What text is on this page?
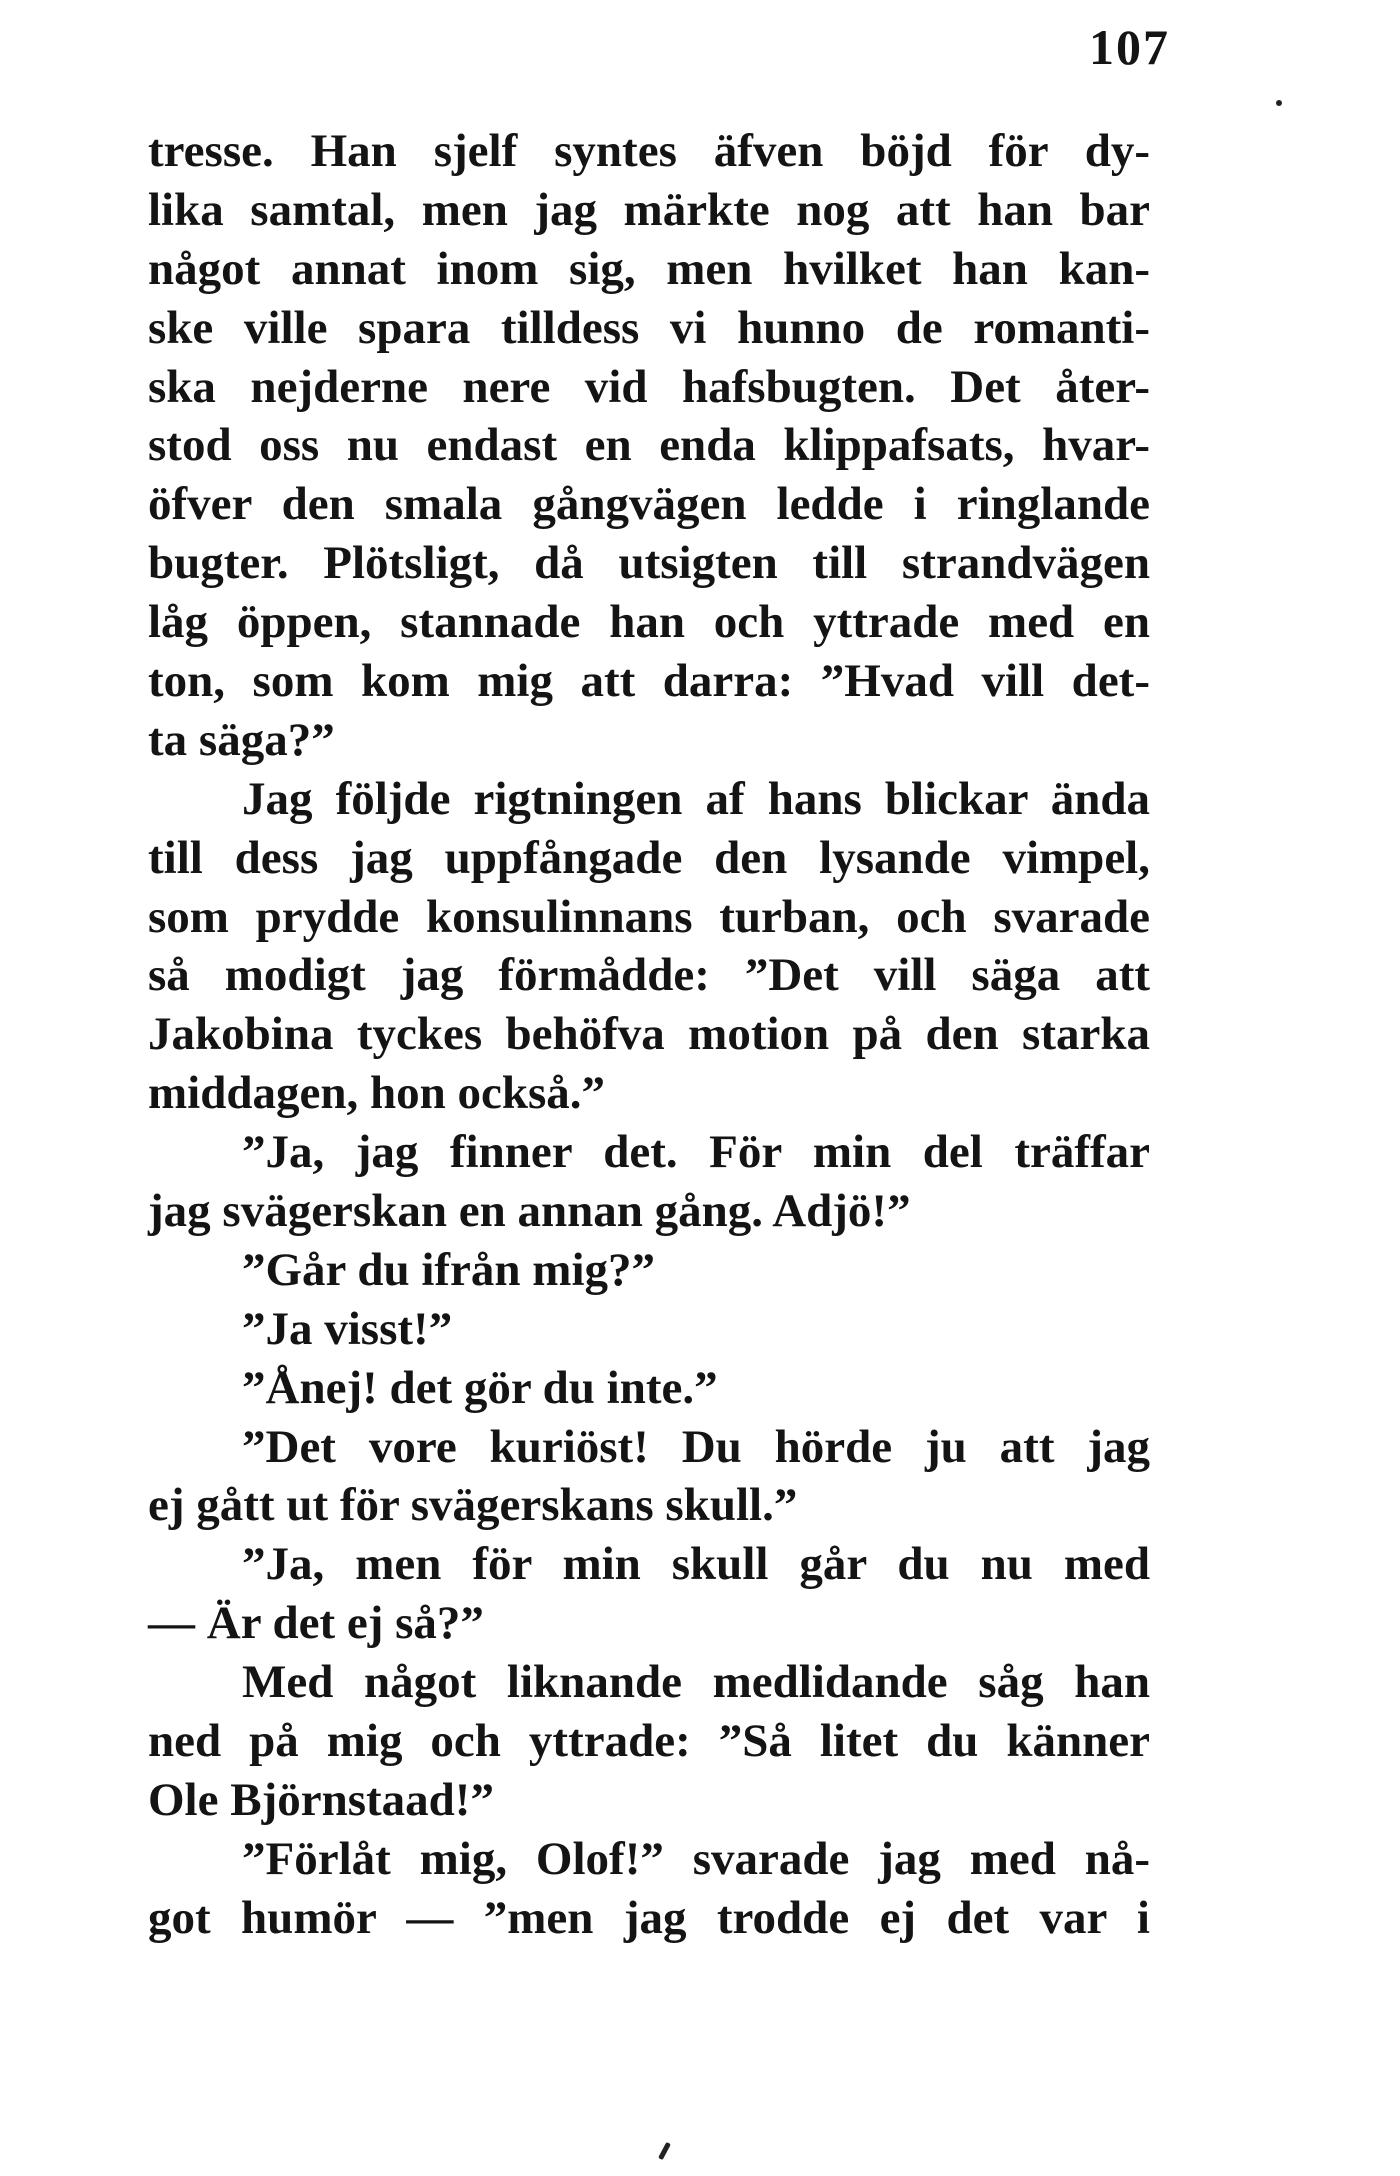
107
tresse. Han sjelf syntes äfven böjd för dy-
lika samtal, men jag märkte nog att han bar
något annat inom sig, men hvilket han kan-
ske ville spara tilldess vi hunno de romanti-
ska nejderne nere vid hafsbugten. Det åter-
stod oss nu endast en enda klippafsats, hvar-
öfver den smala gångvägen ledde i ringlande
bugter. Plötsligt, då utsigten till strandvägen
låg öppen, stannade han och yttrade med en
ton, som kom mig att darra: ”Hvad vill det-
ta säga?”
Jag följde rigtningen af hans blickar ända
till dess jag uppfångade den lysande vimpel,
som prydde konsulinnans turban, och svarade
så modigt jag förmådde: ”Det vill säga att
Jakobina tyckes behöfva motion på den starka
middagen, hon också.”
”Ja, jag finner det. För min del träffar
jag svägerskan en annan gång. Adjö!”
”Går du ifrån mig?”
”Ja visst!”
”Ånej! det gör du inte.”
”Det vore kuriöst! Du hörde ju att jag
ej gått ut för svägerskans skull.”
”Ja, men för min skull går du nu med
— Är det ej så?”
Med något liknande medlidande såg han
ned på mig och yttrade: ”Så litet du känner
Ole Björnstaad!”
”Förlåt mig, Olof!” svarade jag med nå-
got humör — ”men jag trodde ej det var i
